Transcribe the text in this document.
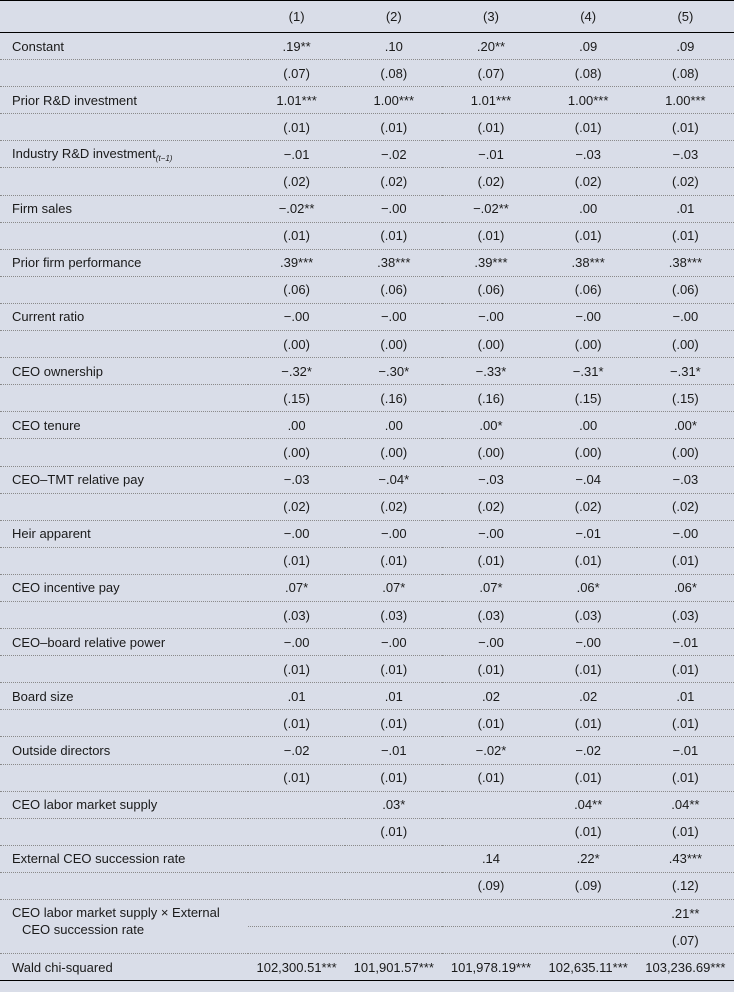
	(1)	(2)	(3)	(4)	(5)
Constant	.19**	.10	.20**	.09	.09
	(.07)	(.08)	(.07)	(.08)	(.08)
Prior R&D investment	1.01***	1.00***	1.01***	1.00***	1.00***
	(.01)	(.01)	(.01)	(.01)	(.01)
Industry R&D investment$_{(t-1)}$	−.01	−.02	−.01	−.03	−.03
	(.02)	(.02)	(.02)	(.02)	(.02)
Firm sales	−.02**	−.00	−.02**	.00	.01
	(.01)	(.01)	(.01)	(.01)	(.01)
Prior firm performance	.39***	.38***	.39***	.38***	.38***
	(.06)	(.06)	(.06)	(.06)	(.06)
Current ratio	−.00	−.00	−.00	−.00	−.00
	(.00)	(.00)	(.00)	(.00)	(.00)
CEO ownership	−.32*	−.30*	−.33*	−.31*	−.31*
	(.15)	(.16)	(.16)	(.15)	(.15)
CEO tenure	.00	.00	.00*	.00	.00*
	(.00)	(.00)	(.00)	(.00)	(.00)
CEO–TMT relative pay	−.03	−.04*	−.03	−.04	−.03
	(.02)	(.02)	(.02)	(.02)	(.02)
Heir apparent	−.00	−.00	−.00	−.01	−.00
	(.01)	(.01)	(.01)	(.01)	(.01)
CEO incentive pay	.07*	.07*	.07*	.06*	.06*
	(.03)	(.03)	(.03)	(.03)	(.03)
CEO–board relative power	−.00	−.00	−.00	−.00	−.01
	(.01)	(.01)	(.01)	(.01)	(.01)
Board size	.01	.01	.02	.02	.01
	(.01)	(.01)	(.01)	(.01)	(.01)
Outside directors	−.02	−.01	−.02*	−.02	−.01
	(.01)	(.01)	(.01)	(.01)	(.01)
CEO labor market supply		.03*		.04**	.04**
		(.01)		(.01)	(.01)
External CEO succession rate			.14	.22*	.43***
			(.09)	(.09)	(.12)

CEO labor market supply × External
CEO succession rate					.21**
					(.07)
Wald chi-squared	102,300.51***	101,901.57***	101,978.19***	102,635.11***	103,236.69***
